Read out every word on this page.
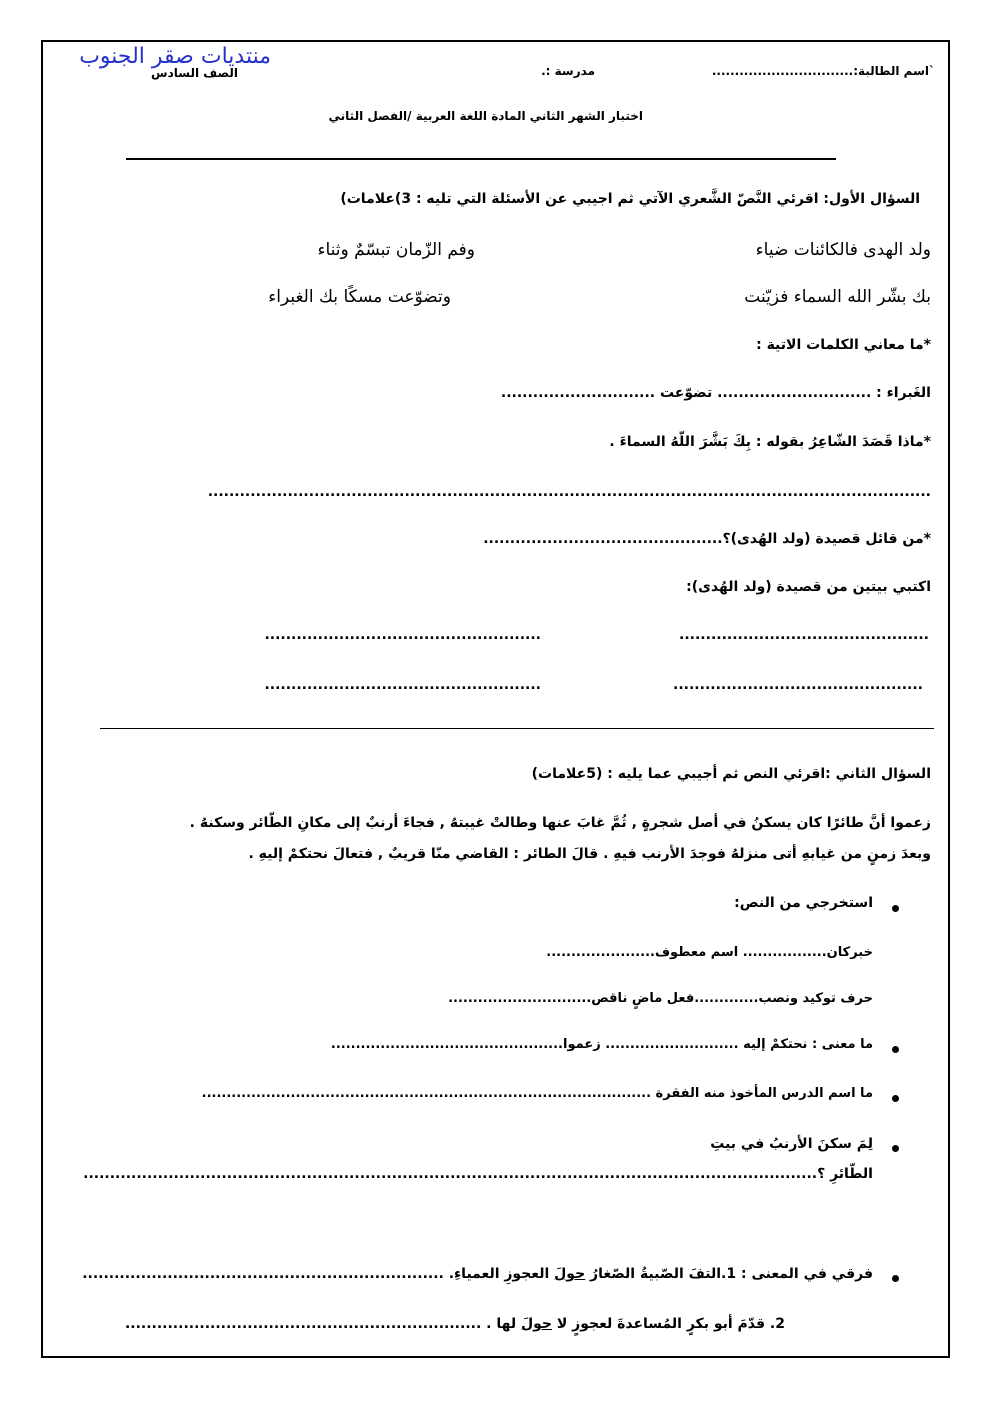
منتديات صقر الجنوب
الصف السادس	مدرسة :.	`اسم الطالبة:...............................
اختبار الشهر الثاني المادة اللغة العربية /الفصل الثاني
السؤال الأول: اقرئي النَّصّ الشَّعري الآتي ثم اجيبي عن الأسئلة التي تليه : 3)علامات)
ولد الهدى فالكائنات ضياء
وفم الزّمان تبسّمٌ وثناء
بك بشّر الله السماء فزيّنت
وتضوّعت مسكًا بك الغبراء
*ما معاني الكلمات الاتية :
الغَبراء : ............................. تضوّعت .............................
*ماذا قَصَدَ الشّاعِرُ بقوله : بِكَ بَشَّرَ اللّهُ السماءَ .
........................................................................................................................................
*من قائل قصيدة (ولد الهُدى)؟.............................................
اكتبي بيتين من قصيدة (ولد الهُدى):
...............................................
....................................................
...............................................
....................................................
السؤال الثاني :اقرئي النص ثم أجيبي عما يليه : (5علامات)
زعموا أنَّ طائرًا كان يسكنُ في أصل شجرةٍ , ثُمَّ غابَ عنها وطالتْ غيبتهُ , فجاءَ أرنبٌ إلى مكانِ الطّائر وسكنهُ .
وبعدَ زمنٍ من غيابهِ أتى منزلهُ فوجدَ الأرنب فيهِ . قالَ الطائر : القاضي منّا قريبٌ , فتعالَ نحتكمْ إليهِ .
استخرجي من النص:
خبركان................. اسم معطوف......................
حرف توكيد ونصب.............فعل ماضٍ ناقص.............................
ما معنى : نحتكمْ إليه ........................... زعموا...............................................
ما اسم الدرس المأخوذ منه الفقرة ...........................................................................................
لِمَ سكنَ الأرنبُ في بيتِ
الطّائرِ ؟..........................................................................................................................................
فرقي في المعنى : 1.التفَ الصّبيةُ الصّغارُ حولَ العجوزِ العمياءِ. ....................................................................
2. قدّمَ أبو بكرٍ المُساعدةَ لعجوزٍ لا حولَ لها . ...................................................................
